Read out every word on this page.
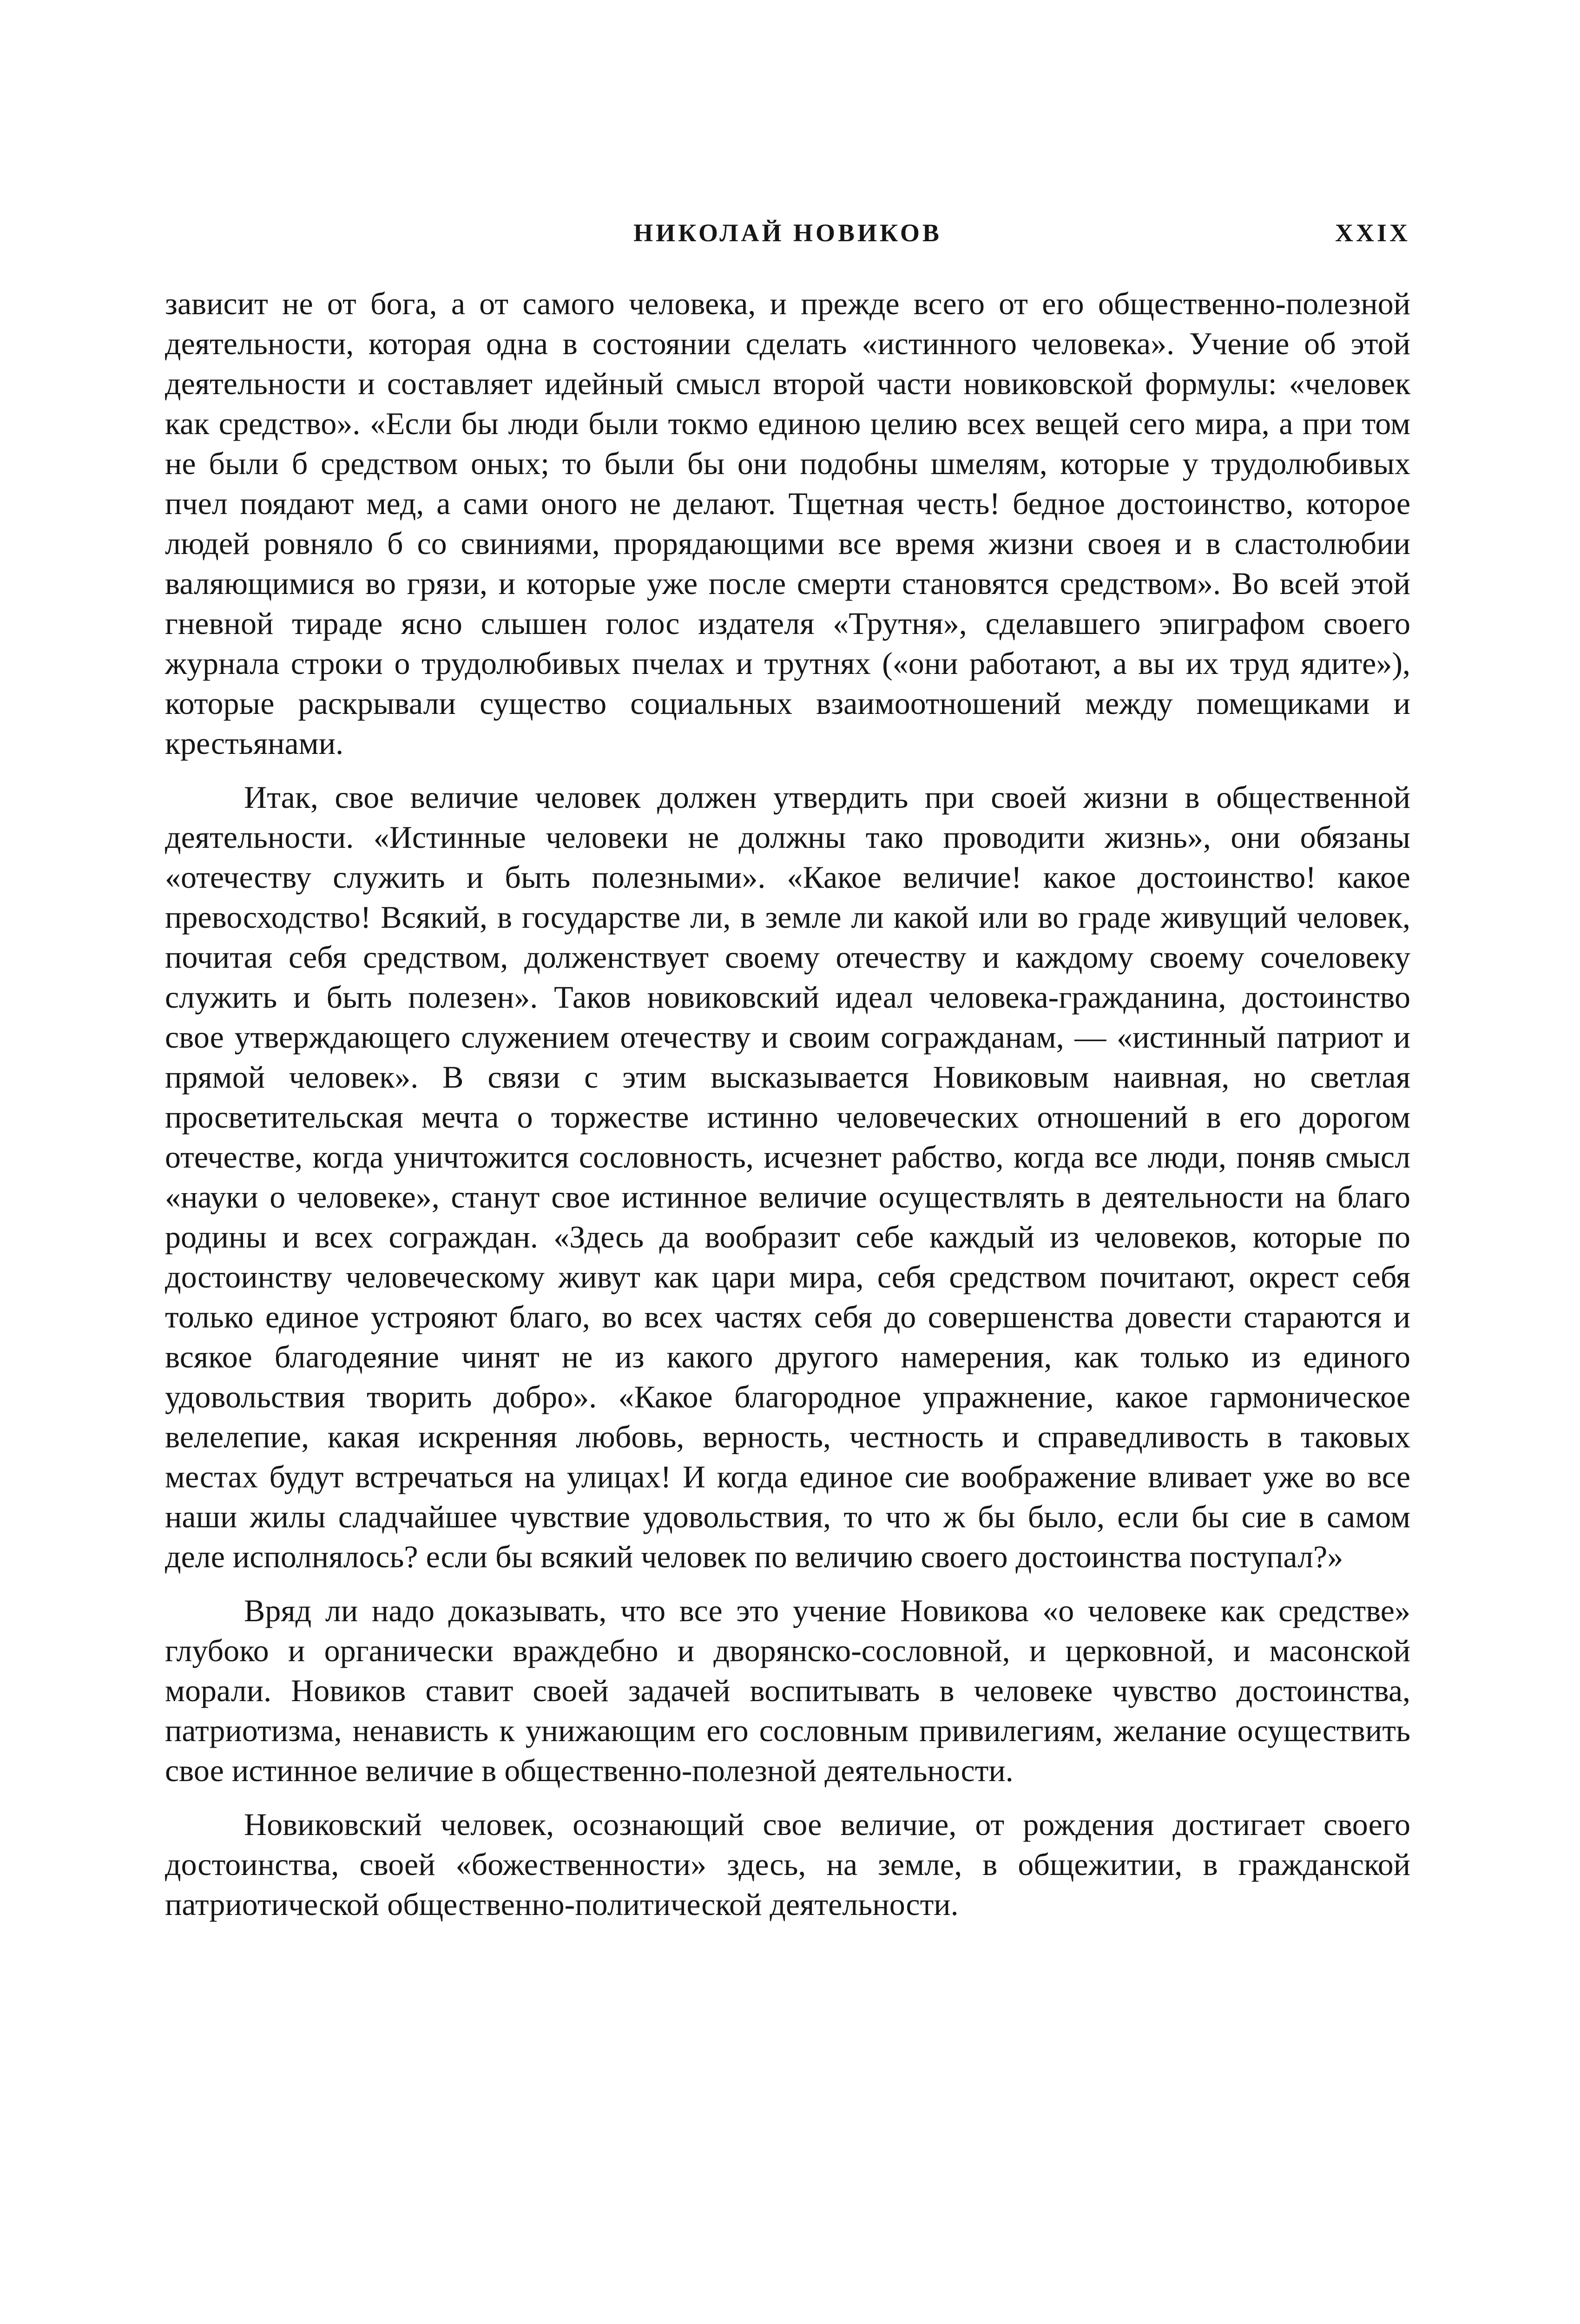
НИКОЛАЙ НОВИКОВ	XXIX

зависит не от бога, а от самого человека, и прежде всего от его общественно-полезной деятельности, которая одна в состоянии сделать «истинного человека». Учение об этой деятельности и составляет идейный смысл второй части новиковской формулы: «человек как средство». «Если бы люди были токмо единою целию всех вещей сего мира, а при том не были б средством оных; то были бы они подобны шмелям, которые у трудолюбивых пчел поядают мед, а сами оного не делают. Тщетная честь! бедное достоинство, которое людей ровняло б со свиниями, прорядающими все время жизни своея и в сластолюбии валяющимися во грязи, и которые уже после смерти становятся средством». Во всей этой гневной тираде ясно слышен голос издателя «Трутня», сделавшего эпиграфом своего журнала строки о трудолюбивых пчелах и трутнях («они работают, а вы их труд ядите»), которые раскрывали существо социальных взаимоотношений между помещиками и крестьянами.

Итак, свое величие человек должен утвердить при своей жизни в общественной деятельности. «Истинные человеки не должны тако проводити жизнь», они обязаны «отечеству служить и быть полезными». «Какое величие! какое достоинство! какое превосходство! Всякий, в государстве ли, в земле ли какой или во граде живущий человек, почитая себя средством, долженствует своему отечеству и каждому своему сочеловеку служить и быть полезен». Таков новиковский идеал человека-гражданина, достоинство свое утверждающего служением отечеству и своим согражданам, — «истинный патриот и прямой человек». В связи с этим высказывается Новиковым наивная, но светлая просветительская мечта о торжестве истинно человеческих отношений в его дорогом отечестве, когда уничтожится сословность, исчезнет рабство, когда все люди, поняв смысл «науки о человеке», станут свое истинное величие осуществлять в деятельности на благо родины и всех сограждан. «Здесь да вообразит себе каждый из человеков, которые по достоинству человеческому живут как цари мира, себя средством почитают, окрест себя только единое устрояют благо, во всех частях себя до совершенства довести стараются и всякое благодеяние чинят не из какого другого намерения, как только из единого удовольствия творить добро». «Какое благородное упражнение, какое гармоническое велелепие, какая искренняя любовь, верность, честность и справедливость в таковых местах будут встречаться на улицах! И когда единое сие воображение вливает уже во все наши жилы сладчайшее чувствие удовольствия, то что ж бы было, если бы сие в самом деле исполнялось? если бы всякий человек по величию своего достоинства поступал?»

Вряд ли надо доказывать, что все это учение Новикова «о человеке как средстве» глубоко и органически враждебно и дворянско-сословной, и церковной, и масонской морали. Новиков ставит своей задачей воспитывать в человеке чувство достоинства, патриотизма, ненависть к унижающим его сословным привилегиям, желание осуществить свое истинное величие в общественно-полезной деятельности.

Новиковский человек, осознающий свое величие, от рождения достигает своего достоинства, своей «божественности» здесь, на земле, в общежитии, в гражданской патриотической общественно-политической деятельности.
